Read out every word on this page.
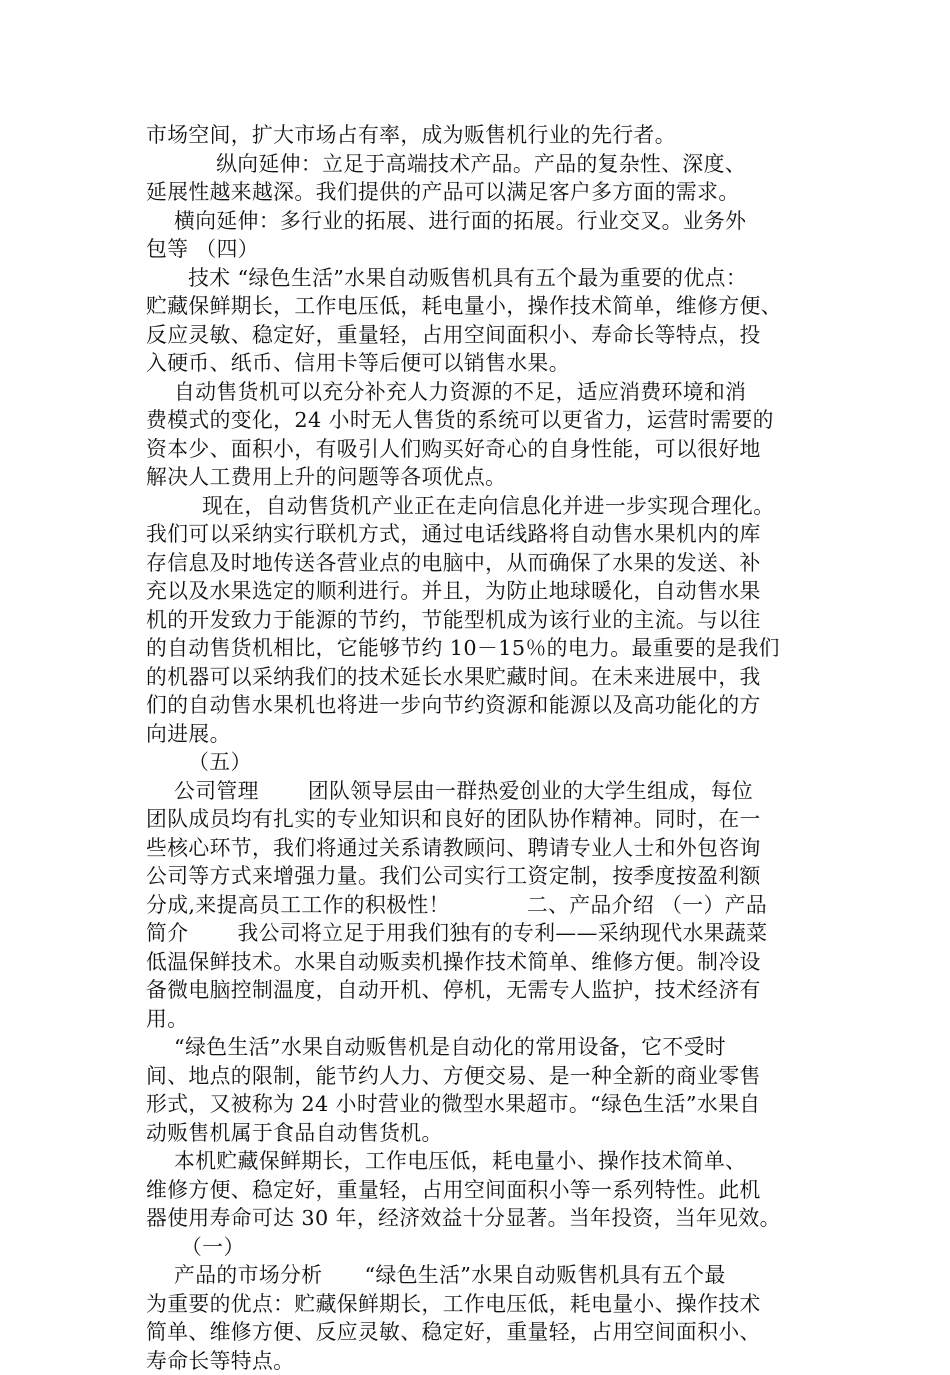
市场空间，扩大市场占有率，成为贩售机行业的先行者。
纵向延伸：立足于高端技术产品。产品的复杂性、深度、
延展性越来越深。我们提供的产品可以满足客户多方面的需求。
横向延伸：多行业的拓展、进行面的拓展。行业交叉。业务外
包等 （四）
技术 “绿色生活”水果自动贩售机具有五个最为重要的优点：
贮藏保鲜期长，工作电压低，耗电量小，操作技术简单，维修方便、
反应灵敏、稳定好，重量轻，占用空间面积小、寿命长等特点，投
入硬币、纸币、信用卡等后便可以销售水果。
自动售货机可以充分补充人力资源的不足，适应消费环境和消
费模式的变化，24 小时无人售货的系统可以更省力，运营时需要的
资本少、面积小，有吸引人们购买好奇心的自身性能，可以很好地
解决人工费用上升的问题等各项优点。
现在，自动售货机产业正在走向信息化并进一步实现合理化。
我们可以采纳实行联机方式，通过电话线路将自动售水果机内的库
存信息及时地传送各营业点的电脑中，从而确保了水果的发送、补
充以及水果选定的顺利进行。并且，为防止地球暖化，自动售水果
机的开发致力于能源的节约，节能型机成为该行业的主流。与以往
的自动售货机相比，它能够节约 10－15％的电力。最重要的是我们
的机器可以采纳我们的技术延长水果贮藏时间。在未来进展中，我
们的自动售水果机也将进一步向节约资源和能源以及高功能化的方
向进展。
（五）
公司管理       团队领导层由一群热爱创业的大学生组成，每位
团队成员均有扎实的专业知识和良好的团队协作精神。同时，在一
些核心环节，我们将通过关系请教顾问、聘请专业人士和外包咨询
公司等方式来增强力量。我们公司实行工资定制，按季度按盈利额
分成,来提高员工工作的积极性！           二、产品介绍 （一）产品
简介       我公司将立足于用我们独有的专利——采纳现代水果蔬菜
低温保鲜技术。水果自动贩卖机操作技术简单、维修方便。制冷设
备微电脑控制温度，自动开机、停机，无需专人监护，技术经济有
用。
“绿色生活”水果自动贩售机是自动化的常用设备，它不受时
间、地点的限制，能节约人力、方便交易、是一种全新的商业零售
形式，又被称为 24 小时营业的微型水果超市。“绿色生活”水果自
动贩售机属于食品自动售货机。
本机贮藏保鲜期长，工作电压低，耗电量小、操作技术简单、
维修方便、稳定好，重量轻，占用空间面积小等一系列特性。此机
器使用寿命可达 30 年，经济效益十分显著。当年投资，当年见效。
（一）
产品的市场分析      “绿色生活”水果自动贩售机具有五个最
为重要的优点：贮藏保鲜期长，工作电压低，耗电量小、操作技术
简单、维修方便、反应灵敏、稳定好，重量轻，占用空间面积小、
寿命长等特点。
